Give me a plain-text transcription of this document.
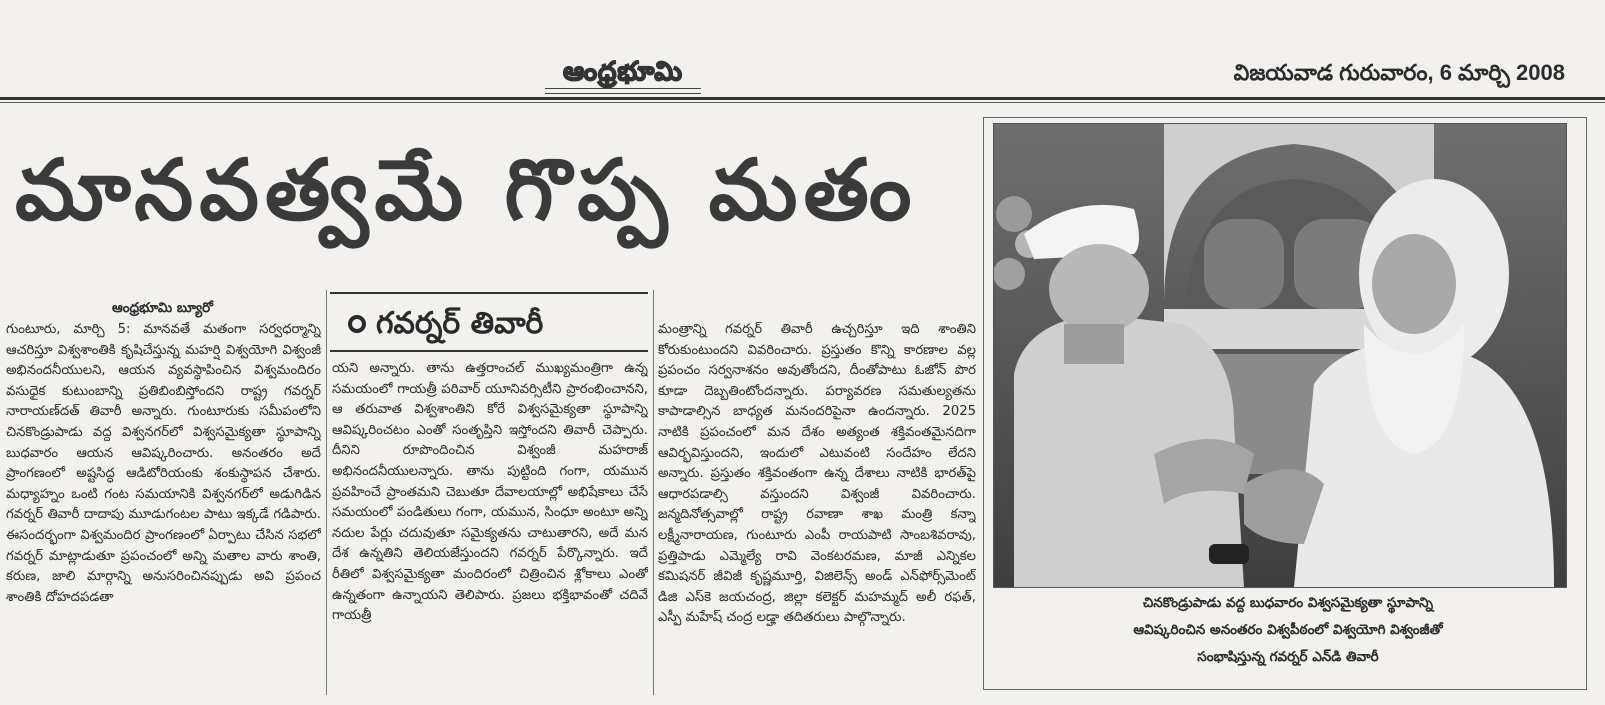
ఆంధ్రభూమి	విజయవాడ గురువారం, 6 మార్చి 2008
మానవత్వమే గొప్ప మతం
ఆంధ్రభూమి బ్యూరో

గుంటూరు, మార్చి 5: మానవతే మతంగా సర్వధర్మాన్ని ఆచరిస్తూ విశ్వశాంతికి కృషిచేస్తున్న మహర్షి విశ్వయోగి విశ్వంజీ అభినందనీయులని, ఆయన వ్యవస్థాపించిన విశ్వమందిరం వసుధైక కుటుంబాన్ని ప్రతిబింబిస్తోందని రాష్ట్ర గవర్నర్ నారాయణ్‌దత్ తివారీ అన్నారు. గుంటూరుకు సమీపంలోని చినకొండ్రుపాడు వద్ద విశ్వనగర్‌లో విశ్వసమైక్యతా స్థూపాన్ని బుధవారం ఆయన ఆవిష్కరించారు. అనంతరం అదే ప్రాంగణంలో అష్టసిద్ధ ఆడిటోరియంకు శంకుస్థాపన చేశారు. మధ్యాహ్నం ఒంటి గంట సమయానికి విశ్వనగర్‌లో అడుగిడిన గవర్నర్ తివారీ దాదాపు మూడుగంటల పాటు ఇక్కడే గడిపారు. ఈసందర్భంగా విశ్వమందిర ప్రాంగణంలో ఏర్పాటు చేసిన సభలో గవర్నర్ మాట్లాడుతూ ప్రపంచంలో అన్ని మతాల వారు శాంతి, కరుణ, జాలి మార్గాన్ని అనుసరించినప్పుడు అవి ప్రపంచ శాంతికి దోహదపడతా

గవర్నర్ తివారీ

యని అన్నారు. తాను ఉత్తరాంచల్ ముఖ్యమంత్రిగా ఉన్న సమయంలో గాయత్రీ పరివార్ యూనివర్సిటీని ప్రారంభించానని, ఆ తరువాత విశ్వశాంతిని కోరే విశ్వసమైక్యతా స్థూపాన్ని ఆవిష్కరించటం ఎంతో సంతృప్తిని ఇస్తోందని తివారీ చెప్పారు. దీనిని రూపొందించిన విశ్వంజీ మహరాజ్ అభినందనీయులన్నారు. తాను పుట్టింది గంగా, యమున ప్రవహించే ప్రాంతమని చెబుతూ దేవాలయాల్లో అభిషేకాలు చేసే సమయంలో పండితులు గంగా, యమున, సింధూ అంటూ అన్ని నదుల పేర్లు చదువుతూ సమైక్యతను చాటుతారని, అదే మన దేశ ఉన్నతిని తెలియజేస్తుందని గవర్నర్ పేర్కొన్నారు. ఇదే రీతిలో విశ్వసమైక్యతా మందిరంలో చిత్రించిన శ్లోకాలు ఎంతో ఉన్నతంగా ఉన్నాయని తెలిపారు. ప్రజలు భక్తిభావంతో చదివే గాయత్రీ

మంత్రాన్ని గవర్నర్ తివారీ ఉచ్చరిస్తూ ఇది శాంతిని కోరుకుంటుందని వివరించారు. ప్రస్తుతం కొన్ని కారణాల వల్ల ప్రపంచం సర్వనాశనం అవుతోందని, దీంతోపాటు ఓజోన్ పొర కూడా దెబ్బతింటోందన్నారు. పర్యావరణ సమతుల్యతను కాపాడాల్సిన బాధ్యత మనందరిపైనా ఉందన్నారు. 2025 నాటికి ప్రపంచంలో మన దేశం అత్యంత శక్తివంతమైనదిగా ఆవిర్భవిస్తుందని, ఇందులో ఎటువంటి సందేహం లేదని అన్నారు. ప్రస్తుతం శక్తివంతంగా ఉన్న దేశాలు నాటికి భారత్‌పై ఆధారపడాల్సి వస్తుందని విశ్వంజీ వివరించారు. జన్మదినోత్సవాల్లో రాష్ట్ర రవాణా శాఖ మంత్రి కన్నా లక్ష్మీనారాయణ, గుంటూరు ఎంపీ రాయపాటి సాంబశివరావు, ప్రత్తిపాడు ఎమ్మెల్యే రావి వెంకటరమణ, మాజీ ఎన్నికల కమిషనర్ జీవిజీ కృష్ణమూర్తి, విజిలెన్స్ అండ్ ఎన్‌ఫోర్స్‌మెంట్ డిజి ఎస్‌కె జయచంద్ర, జిల్లా కలెక్టర్ మహమ్మద్ అలీ రఫత్, ఎస్పీ మహేష్ చంద్ర లడ్హా తదితరులు పాల్గొన్నారు.

చినకొండ్రుపాడు వద్ద బుధవారం విశ్వసమైక్యతా స్థూపాన్ని
ఆవిష్కరించిన అనంతరం విశ్వపీఠంలో విశ్వయోగి విశ్వంజీతో
సంభాషిస్తున్న గవర్నర్ ఎన్‌డి తివారీ
